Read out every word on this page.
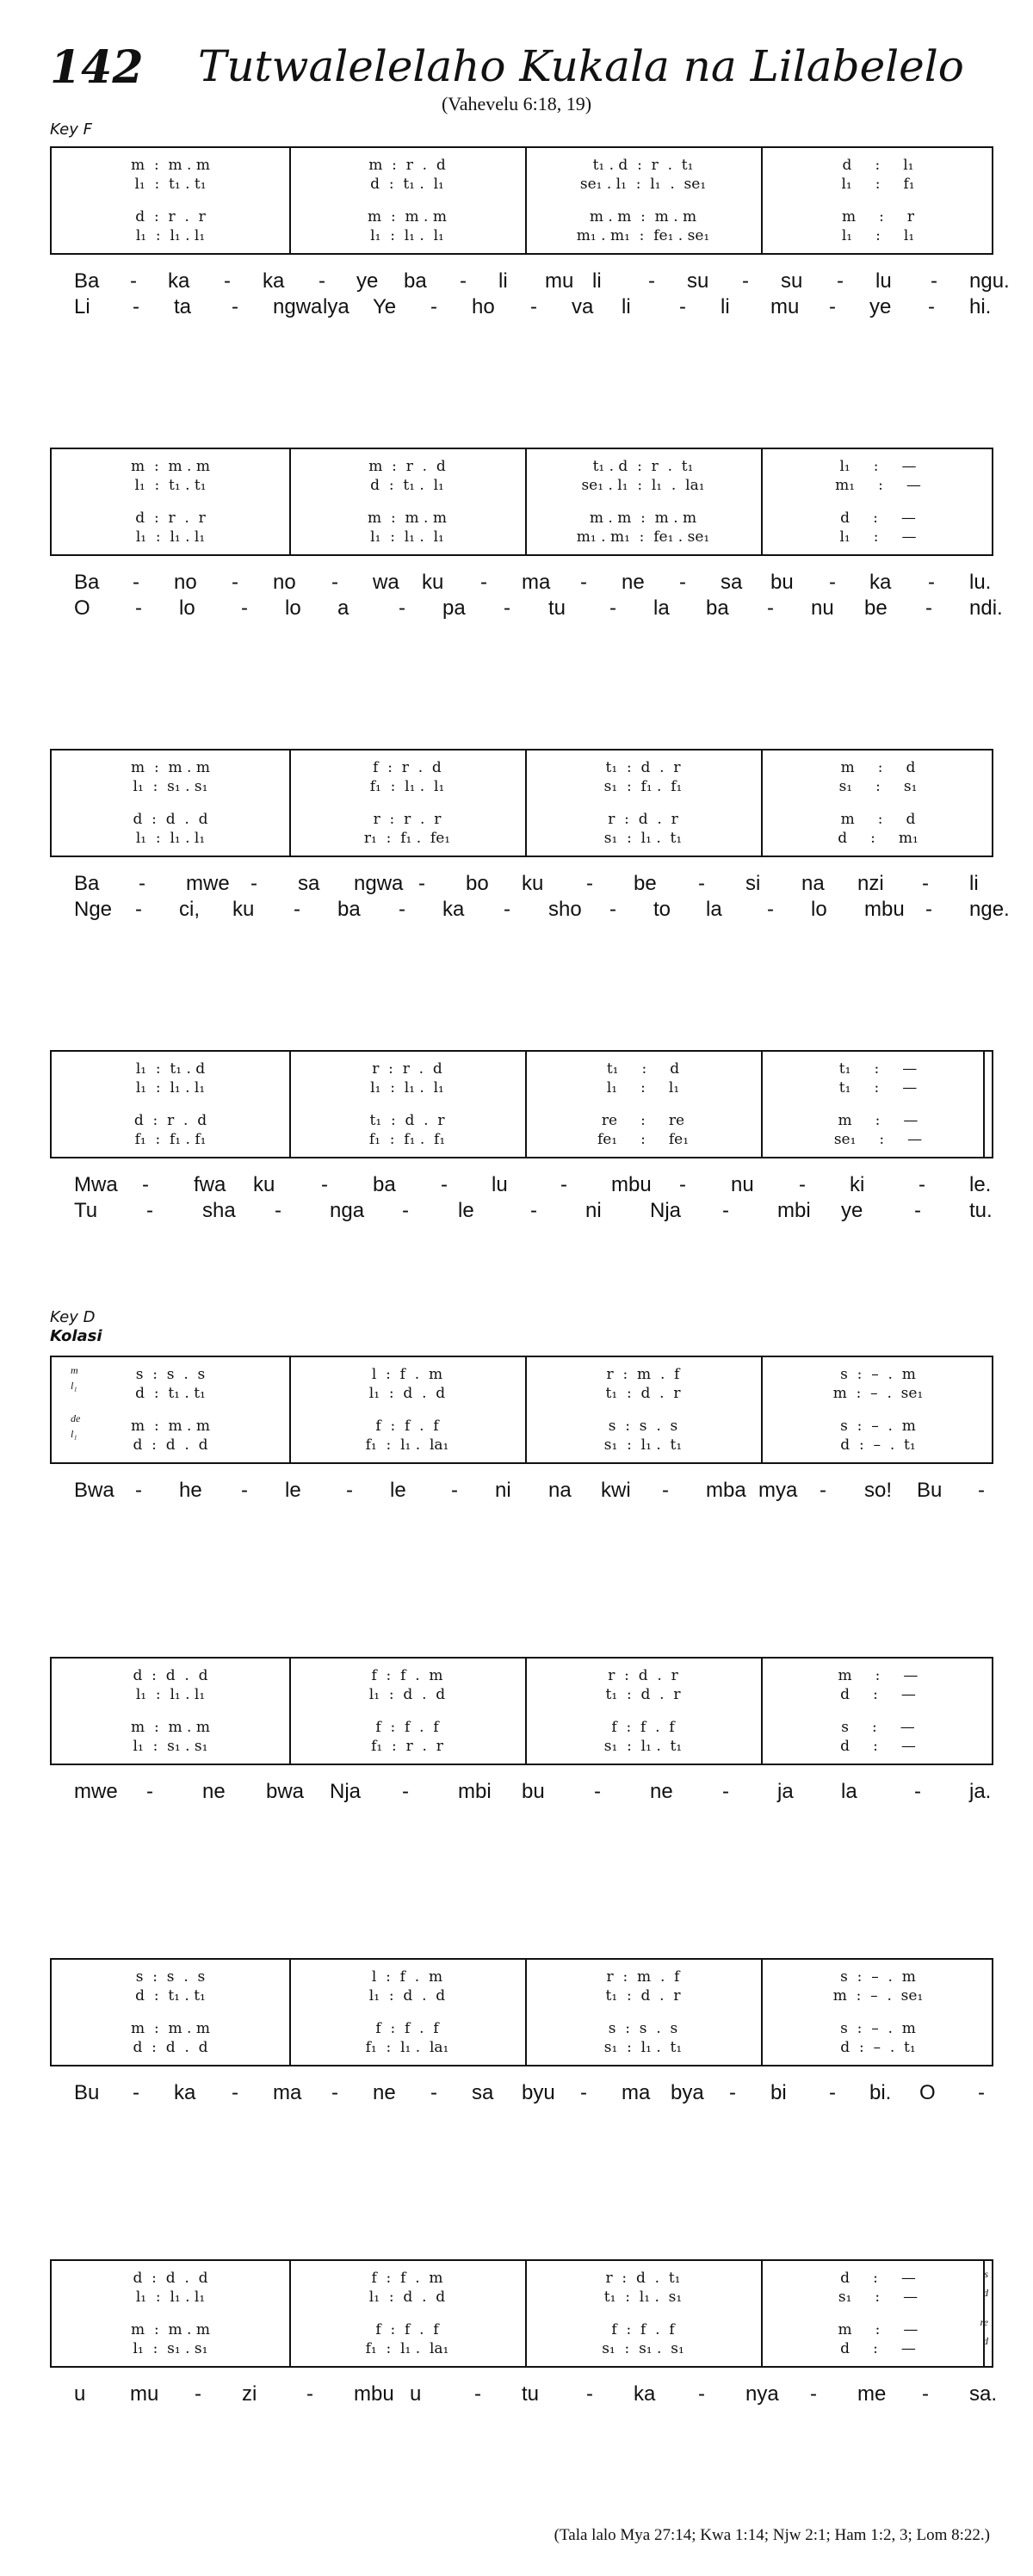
142 Tutwalelelaho Kukala na Lilabelelo
(Vahevelu 6:18, 19)
Key F
Key D
Kolasi
m  :  m . m	m  :  r  .  d	t₁ . d  :  r  .  t₁	d     :     l₁
l₁  :  t₁ . t₁	d  :  t₁ .  l₁	se₁ . l₁  :  l₁  .  se₁	l₁     :     f₁
d  :  r  .  r	m  :  m . m	m . m  :  m . m	m     :     r
l₁  :  l₁ . l₁	l₁  :  l₁ .  l₁	m₁ . m₁  :  fe₁ . se₁	l₁     :     l₁
Ba - ka - ka - ye ba - li mu li - su - su - lu - ngu.
Li - ta - ngwa lya Ye - ho - va li - li mu - ye - hi.
m  :  m . m	m  :  r  .  d	t₁ . d  :  r  .  t₁	l₁     :     —
l₁  :  t₁ . t₁	d  :  t₁ .  l₁	se₁ . l₁  :  l₁  .  la₁	m₁     :     —
d  :  r  .  r	m  :  m . m	m . m  :  m . m	d     :     —
l₁  :  l₁ . l₁	l₁  :  l₁ .  l₁	m₁ . m₁  :  fe₁ . se₁	l₁     :     —
Ba - no - no - wa ku - ma - ne - sa bu - ka - lu.
O - lo - lo a - pa - tu - la ba - nu be - ndi.
m  :  m . m	f  :  r  .  d	t₁  :  d  .  r	m     :     d
l₁  :  s₁ . s₁	f₁  :  l₁ .  l₁	s₁  :  f₁ .  f₁	s₁     :     s₁
d  :  d  .  d	r  :  r  .  r	r  :  d  .  r	m     :     d
l₁  :  l₁ . l₁	r₁  :  f₁ .  fe₁	s₁  :  l₁ .  t₁	d     :     m₁
Ba - mwe - sa ngwa - bo ku - be - si na nzi - li
Nge - ci, ku - ba - ka - sho - to la - lo mbu - nge.
l₁  :  t₁ . d	r  :  r  .  d	t₁     :     d	t₁     :     —
l₁  :  l₁ . l₁	l₁  :  l₁ .  l₁	l₁     :     l₁	t₁     :     —
d  :  r  .  d	t₁  :  d  .  r	re     :     re	m     :     —
f₁  :  f₁ . f₁	f₁  :  f₁ .  f₁	fe₁     :     fe₁	se₁     :     —
Mwa - fwa ku - ba - lu	- mbu - nu - ki	- le.
Tu - sha - nga - le	- ni Nja - mbi ye - tu.
s  :  s  .  s	l  :  f  .  m	r  :  m  .  f	s  :  –  .  m
d  :  t₁ . t₁	l₁  :  d  .  d	t₁  :  d  .  r	m  :  –  .  se₁
m  :  m . m	f  :  f  .  f	s  :  s  .  s	s  :  –  .  m
d  :  d  .  d	f₁  :  l₁ .  la₁	s₁  :  l₁ .  t₁	d  :  –  .  t₁
m
l₁
de
l₁
Bwa - he - le - le - ni na kwi - mba mya - so! Bu -
d  :  d  .  d	f  :  f  .  m	r  :  d  .  r	m     :     —
l₁  :  l₁ . l₁	l₁  :  d  .  d	t₁  :  d  .  r	d     :     —
m  :  m . m	f  :  f  .  f	f  :  f  .  f	s     :     —
l₁  :  s₁ . s₁	f₁  :  r  .  r	s₁  :  l₁ .  t₁	d     :     —
mwe - ne bwa Nja - mbi bu - ne - ja la	- ja.
s  :  s  .  s	l  :  f  .  m	r  :  m  .  f	s  :  –  .  m
d  :  t₁ . t₁	l₁  :  d  .  d	t₁  :  d  .  r	m  :  –  .  se₁
m  :  m . m	f  :  f  .  f	s  :  s  .  s	s  :  –  .  m
d  :  d  .  d	f₁  :  l₁ .  la₁	s₁  :  l₁ .  t₁	d  :  –  .  t₁
Bu - ka - ma - ne - sa byu - ma bya - bi - bi. O -
d  :  d  .  d	f  :  f  .  m	r  :  d  .  t₁	d     :     —
l₁  :  l₁ . l₁	l₁  :  d  .  d	t₁  :  l₁ .  s₁	s₁     :     —
m  :  m . m	f  :  f  .  f	f  :  f  .  f	m     :     —
l₁  :  s₁ . s₁	f₁  :  l₁ .  la₁	s₁  :  s₁ .  s₁	d     :     —
s
d
re
d
u mu - zi - mbu u	- tu - ka - nya - me - sa.
(Tala lalo Mya 27:14; Kwa 1:14; Njw 2:1; Ham 1:2, 3; Lom 8:22.)
